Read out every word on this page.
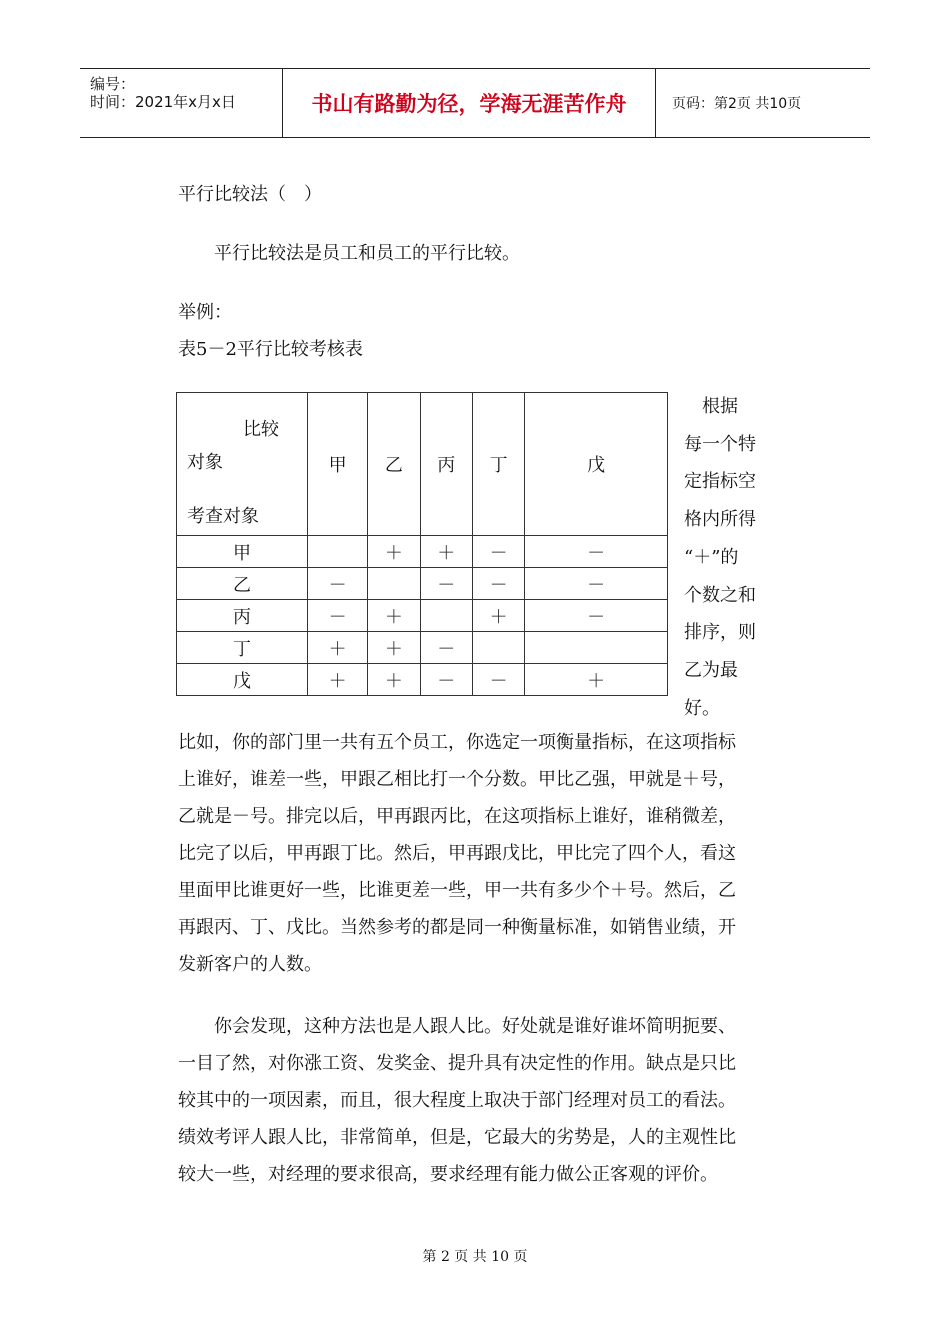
编号：
时间：2021年x月x日	书山有路勤为径，学海无涯苦作舟	页码：第2页 共10页
平行比较法（　）
平行比较法是员工和员工的平行比较。
举例：
表5－2平行比较考核表
比较
对象
考查对象	甲	乙	丙	丁	戊
甲		＋	＋	－	－
乙	－		－	－	－
丙	－	＋		＋	－
丁	＋	＋	－		
戊	＋	＋	－	－	＋
　根据
每一个特
定指标空
格内所得
“＋”的
个数之和
排序，则
乙为最
好。
比如，你的部门里一共有五个员工，你选定一项衡量指标，在这项指标
上谁好，谁差一些，甲跟乙相比打一个分数。甲比乙强，甲就是＋号，
乙就是－号。排完以后，甲再跟丙比，在这项指标上谁好，谁稍微差，
比完了以后，甲再跟丁比。然后，甲再跟戊比，甲比完了四个人，看这
里面甲比谁更好一些，比谁更差一些，甲一共有多少个＋号。然后，乙
再跟丙、丁、戊比。当然参考的都是同一种衡量标准，如销售业绩，开
发新客户的人数。
　　你会发现，这种方法也是人跟人比。好处就是谁好谁坏简明扼要、
一目了然，对你涨工资、发奖金、提升具有决定性的作用。缺点是只比
较其中的一项因素，而且，很大程度上取决于部门经理对员工的看法。
绩效考评人跟人比，非常简单，但是，它最大的劣势是，人的主观性比
较大一些，对经理的要求很高，要求经理有能力做公正客观的评价。
第 2 页 共 10 页
